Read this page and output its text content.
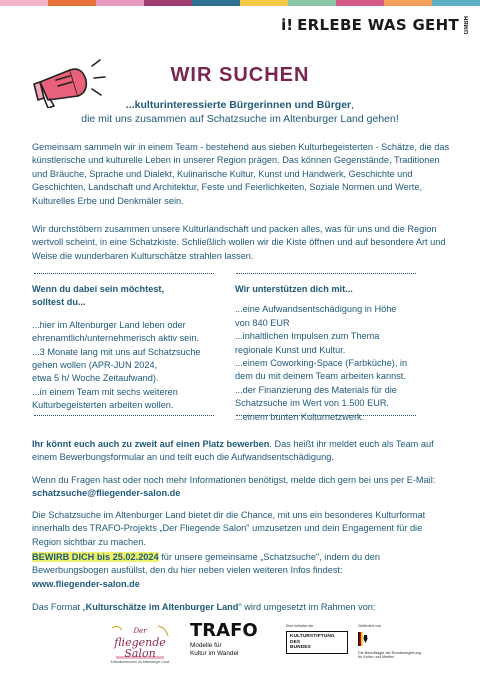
i! ERLEBE WAS GEHT GMBH
WIR SUCHEN
...kulturinteressierte Bürgerinnen und Bürger,
die mit uns zusammen auf Schatzsuche im Altenburger Land gehen!
Gemeinsam sammeln wir in einem Team - bestehend aus sieben Kulturbegeisterten - Schätze, die das künstlerische und kulturelle Leben in unserer Region prägen. Das können Gegenstände, Traditionen und Bräuche, Sprache und Dialekt, Kulinarische Kultur, Kunst und Handwerk, Geschichte und Geschichten, Landschaft und Architektur, Feste und Feierlichkeiten, Soziale Normen und Werte, Kulturelles Erbe und Denkmäler sein.
Wir durchstöbern zusammen unsere Kulturlandschaft und packen alles, was für uns und die Region wertvoll scheint, in eine Schatzkiste. Schließlich wollen wir die Kiste öffnen und auf besondere Art und Weise die wunderbaren Kulturschätze strahlen lassen.
Wenn du dabei sein möchtest,
solltest du...
...hier im Altenburger Land leben oder
ehrenamtlich/unternehmerisch aktiv sein.
...3 Monate lang mit uns auf Schatzsuche
gehen wollen (APR-JUN 2024,
etwa 5 h/ Woche Zeitaufwand).
...in einem Team mit sechs weiteren
Kulturbegeisterten arbeiten wollen.
Wir unterstützen dich mit...
...eine Aufwandsentschädigung in Höhe
von 840 EUR
...inhaltlichen Impulsen zum Thema
regionale Kunst und Kultur.
...einem Coworking-Space (Farbküche), in
dem du mit deinem Team arbeiten kannst.
...der Finanzierung des Materials für die
Schatzsuche im Wert von 1.500 EUR.
...einem bunten Kulturnetzwerk.
Ihr könnt euch auch zu zweit auf einen Platz bewerben. Das heißt ihr meldet euch als Team auf einem Bewerbungsformular an und teilt euch die Aufwandsentschädigung.
Wenn du Fragen hast oder noch mehr Informationen benötigst, melde dich gern bei uns per E-Mail: schatzsuche@fliegender-salon.de
Die Schatzsuche im Altenburger Land bietet dir die Chance, mit uns ein besonderes Kulturformat innerhalb des TRAFO-Projekts „Der Fliegende Salon" umzusetzen und dein Engagement für die Region sichtbar zu machen.
BEWIRB DICH bis 25.02.2024 für unsere gemeinsame „Schatzsuche", indem du den Bewerbungsbogen ausfüllst, den du hier neben vielen weiteren Infos findest:
www.fliegender-salon.de
Das Format „Kulturschätze im Altenburger Land" wird umgesetzt im Rahmen von:
Der
fliegende
Salon
Kulturkommunen im Altenburger Land
TRAFO
Modelle für
Kultur im Wandel
Eine Initiative der
KULTURSTIFTUNG
DES
BUNDES
Gefördert von
Die Beauftragte der Bundesregierung
für Kultur und Medien
